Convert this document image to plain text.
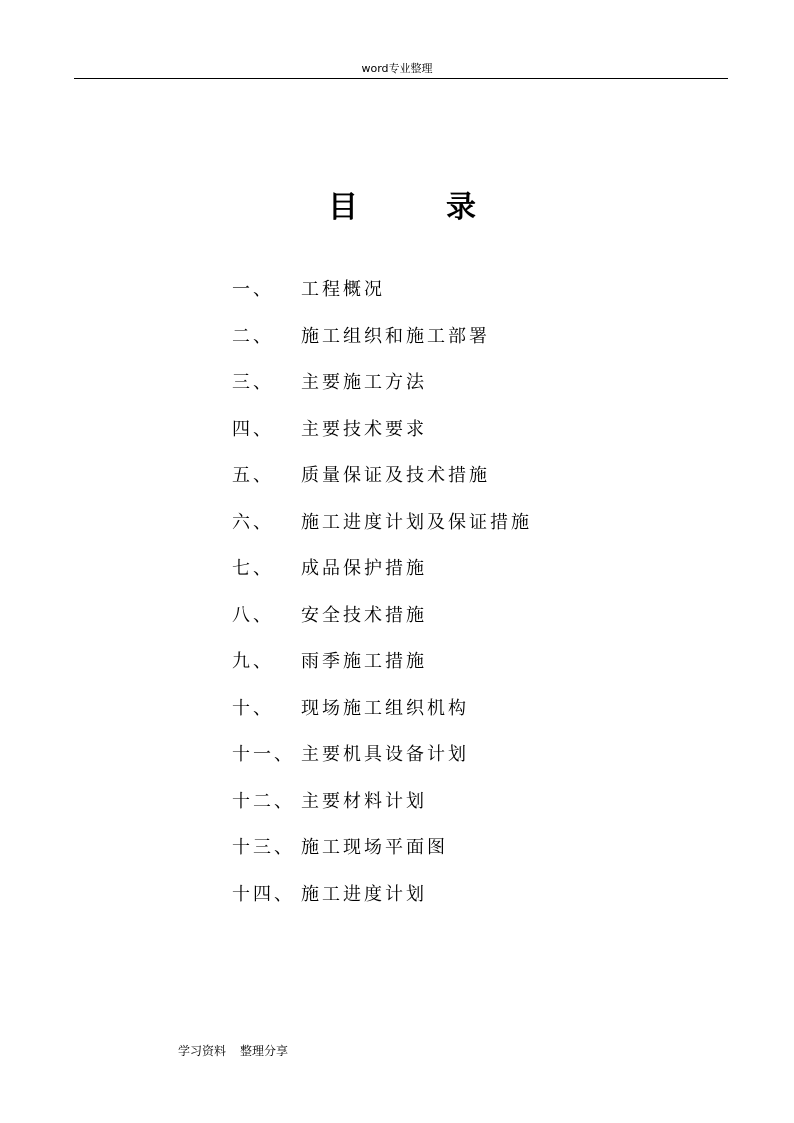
word专业整理
目	录
一、 工程概况
二、 施工组织和施工部署
三、 主要施工方法
四、 主要技术要求
五、 质量保证及技术措施
六、 施工进度计划及保证措施
七、 成品保护措施
八、 安全技术措施
九、 雨季施工措施
十、 现场施工组织机构
十一、 主要机具设备计划
十二、 主要材料计划
十三、 施工现场平面图
十四、 施工进度计划
学习资料 整理分享
